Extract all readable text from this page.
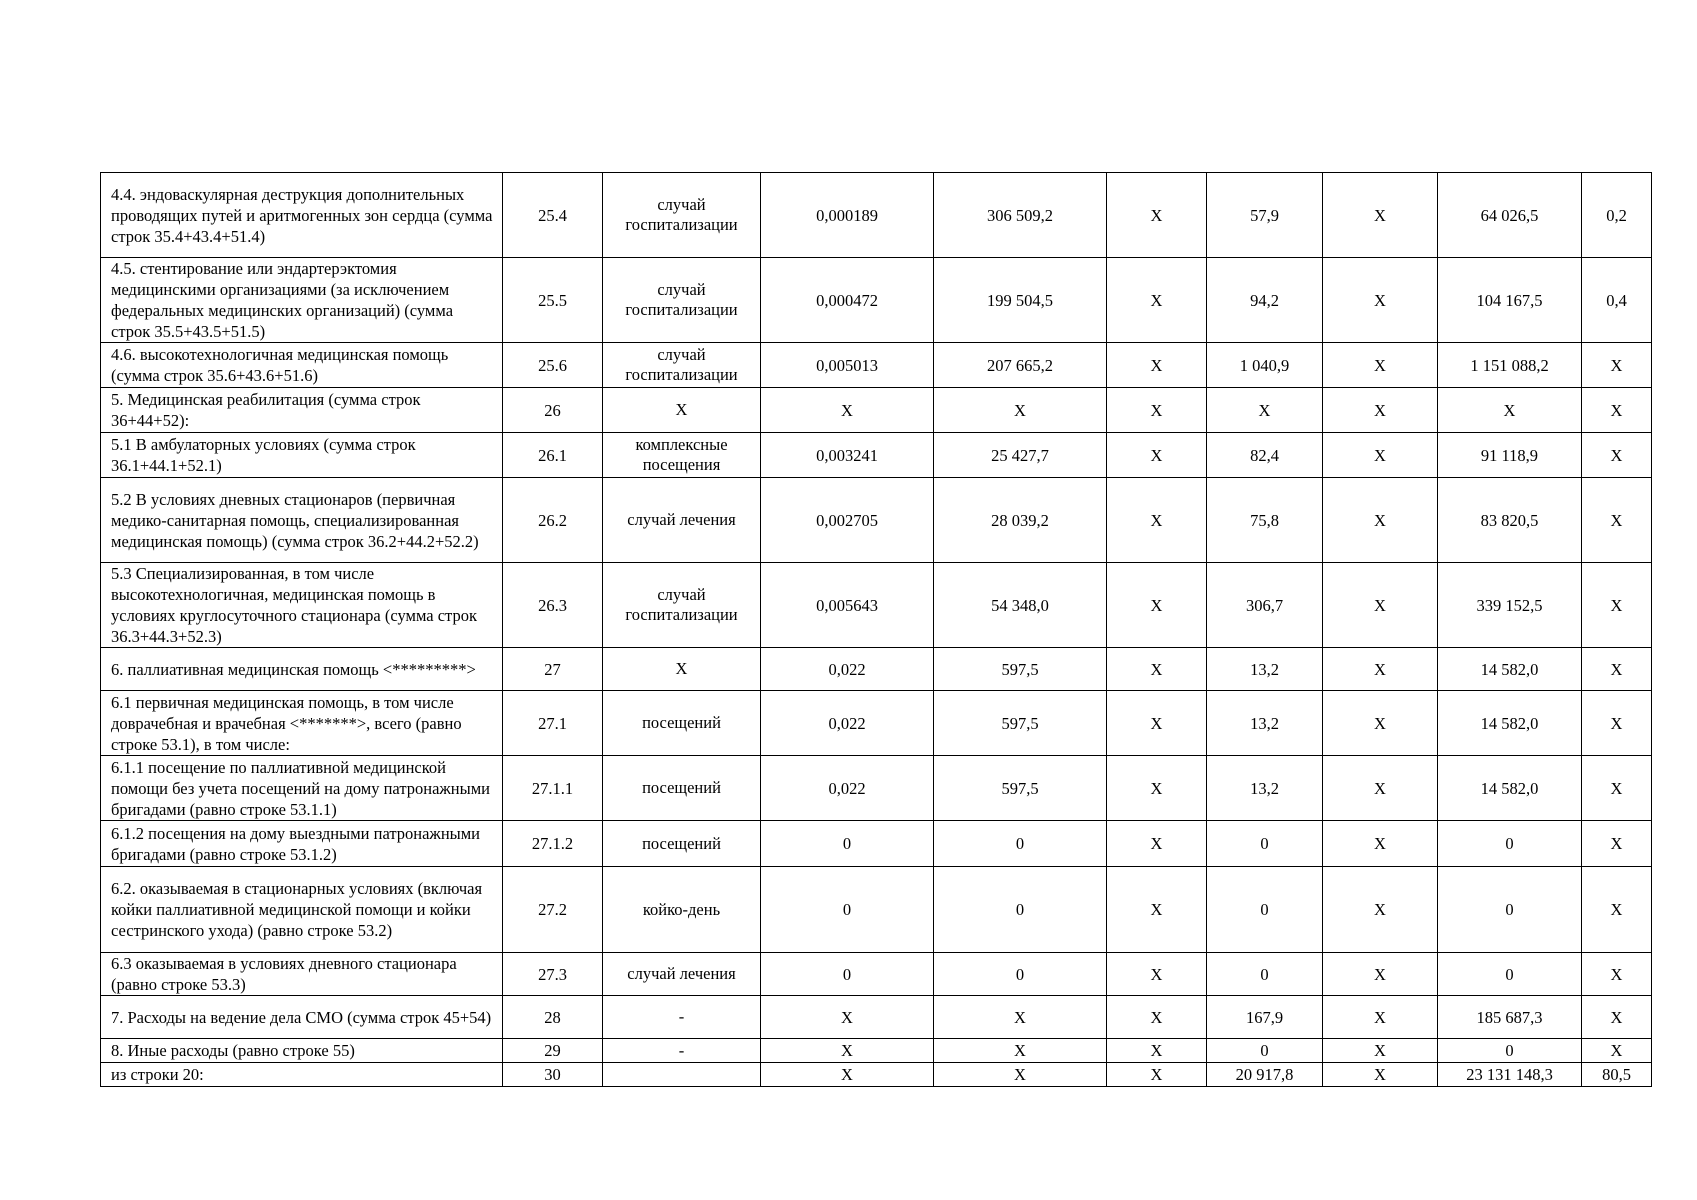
4.4. эндоваскулярная деструкция дополнительных проводящих путей и аритмогенных зон сердца (сумма строк 35.4+43.4+51.4)	25.4	случай госпитализации	0,000189	306 509,2	X	57,9	X	64 026,5	0,2
4.5. стентирование или эндартерэктомия медицинскими организациями (за исключением федеральных медицинских организаций) (сумма строк 35.5+43.5+51.5)	25.5	случай госпитализации	0,000472	199 504,5	X	94,2	X	104 167,5	0,4
4.6. высокотехнологичная медицинская помощь (сумма строк 35.6+43.6+51.6)	25.6	случай госпитализации	0,005013	207 665,2	X	1 040,9	X	1 151 088,2	X
5. Медицинская реабилитация (сумма строк 36+44+52):	26	X	X	X	X	X	X	X	X
5.1 В амбулаторных условиях (сумма строк 36.1+44.1+52.1)	26.1	комплексные посещения	0,003241	25 427,7	X	82,4	X	91 118,9	X
5.2 В условиях дневных стационаров (первичная медико-санитарная помощь, специализированная медицинская помощь) (сумма строк 36.2+44.2+52.2)	26.2	случай лечения	0,002705	28 039,2	X	75,8	X	83 820,5	X
5.3 Специализированная, в том числе высокотехнологичная, медицинская помощь в условиях круглосуточного стационара (сумма строк 36.3+44.3+52.3)	26.3	случай госпитализации	0,005643	54 348,0	X	306,7	X	339 152,5	X
6. паллиативная медицинская помощь <*********>	27	X	0,022	597,5	X	13,2	X	14 582,0	X
6.1 первичная медицинская помощь, в том числе доврачебная и врачебная <*******>, всего (равно строке 53.1), в том числе:	27.1	посещений	0,022	597,5	X	13,2	X	14 582,0	X
6.1.1 посещение по паллиативной медицинской помощи без учета посещений на дому патронажными бригадами (равно строке 53.1.1)	27.1.1	посещений	0,022	597,5	X	13,2	X	14 582,0	X
6.1.2 посещения на дому выездными патронажными бригадами (равно строке 53.1.2)	27.1.2	посещений	0	0	X	0	X	0	X
6.2. оказываемая в стационарных условиях (включая койки паллиативной медицинской помощи и койки сестринского ухода) (равно строке 53.2)	27.2	койко-день	0	0	X	0	X	0	X
6.3 оказываемая в условиях дневного стационара (равно строке 53.3)	27.3	случай лечения	0	0	X	0	X	0	X
7. Расходы на ведение дела СМО (сумма строк 45+54)	28	-	X	X	X	167,9	X	185 687,3	X
8. Иные расходы (равно строке 55)	29	-	X	X	X	0	X	0	X
из строки 20:	30		X	X	X	20 917,8	X	23 131 148,3	80,5
